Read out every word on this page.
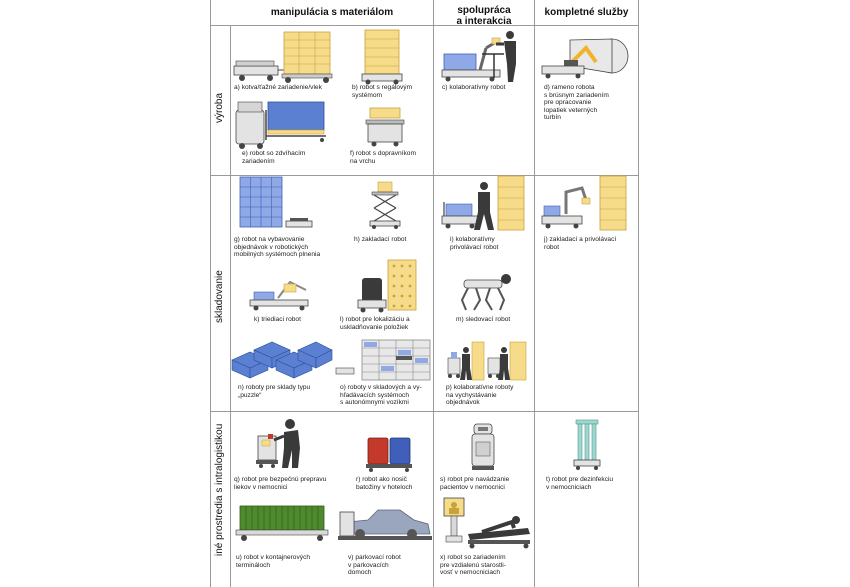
manipulácia s materiálom	spolupráca
a interakcia
kompletné služby
výroba
skladovanie
iné prostredia s intralogistikou
a) kotva/ťažné zariadenie/vlek	b) robot s regálovým
systémom
c) kolaboratívny robot	d) rameno robota
s brúsnym zariadením
pre opracovanie
lopatiek veterných
turbín
e) robot so zdvíhacím
zariadením
f) robot s dopravníkom
na vrchu
g) robot na vybavovanie
objednávok v robotických
mobilných systémoch plnenia
h) zakladací robot	i) kolaboratívny
privolávací robot
j) zakladací a privolávací
robot
k) triediaci robot	l) robot pre lokalizáciu a
uskladňovanie položiek
m) sledovací robot
n) roboty pre sklady typu
„puzzle“
o) roboty v skladových a vy-
hľadávacích systémoch
s autonómnymi vozíkmi
p) kolaboratívne roboty
na vychystávanie
objednávok
q) robot pre bezpečnú prepravu
liekov v nemocnici
r) robot ako nosič
batožiny v hoteloch
s) robot pre navádzanie
pacientov v nemocnici
t) robot pre dezinfekciu
v nemocniciach
u) robot v kontajnerových
termináloch
v) parkovací robot
v parkovacích
domoch
x) robot so zariadením
pre vzdialenú starostli-
vosť v nemocniciach
